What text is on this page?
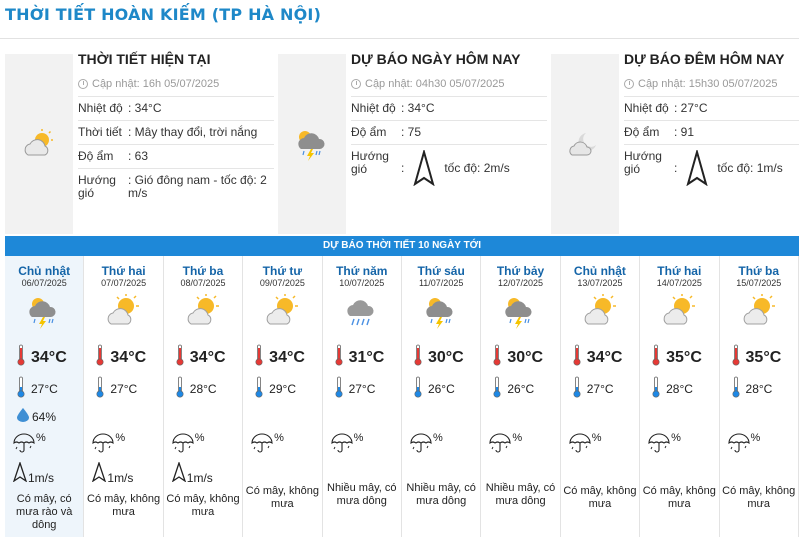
THỜI TIẾT HOÀN KIẾM (TP HÀ NỘI)
THỜI TIẾT HIỆN TẠI
Cập nhật: 16h 05/07/2025
Nhiệt độ : 34°C
Thời tiết : Mây thay đổi, trời nắng
Độ ẩm	: 63
Hướng gió
: Gió đông nam - tốc độ: 2 m/s
DỰ BÁO NGÀY HÔM NAY
Cập nhật: 04h30 05/07/2025
Nhiệt độ : 34°C
Độ ẩm	: 75
Hướng gió	:	tốc độ: 2m/s
DỰ BÁO ĐÊM HÔM NAY
Cập nhật: 15h30 05/07/2025
Nhiệt độ : 27°C
Độ ẩm	: 91
Hướng gió	:	tốc độ: 1m/s
DỰ BÁO THỜI TIẾT 10 NGÀY TỚI
Chủ nhật
06/07/2025
34°C
27°C
64%
%
1m/s
Có mây, có mưa rào và dông
Thứ hai
07/07/2025
34°C
27°C
%
1m/s
Có mây, không mưa
Thứ ba
08/07/2025
34°C
28°C
%
1m/s
Có mây, không mưa
Thứ tư
09/07/2025
34°C
29°C
%
Có mây, không mưa
Thứ năm
10/07/2025
31°C
27°C
%
Nhiều mây, có mưa dông
Thứ sáu
11/07/2025
30°C
26°C
%
Nhiều mây, có mưa dông
Thứ bảy
12/07/2025
30°C
26°C
%
Nhiều mây, có mưa dông
Chủ nhật
13/07/2025
34°C
27°C
%
Có mây, không mưa
Thứ hai
14/07/2025
35°C
28°C
%
Có mây, không mưa
Thứ ba
15/07/2025
35°C
28°C
%
Có mây, không mưa
